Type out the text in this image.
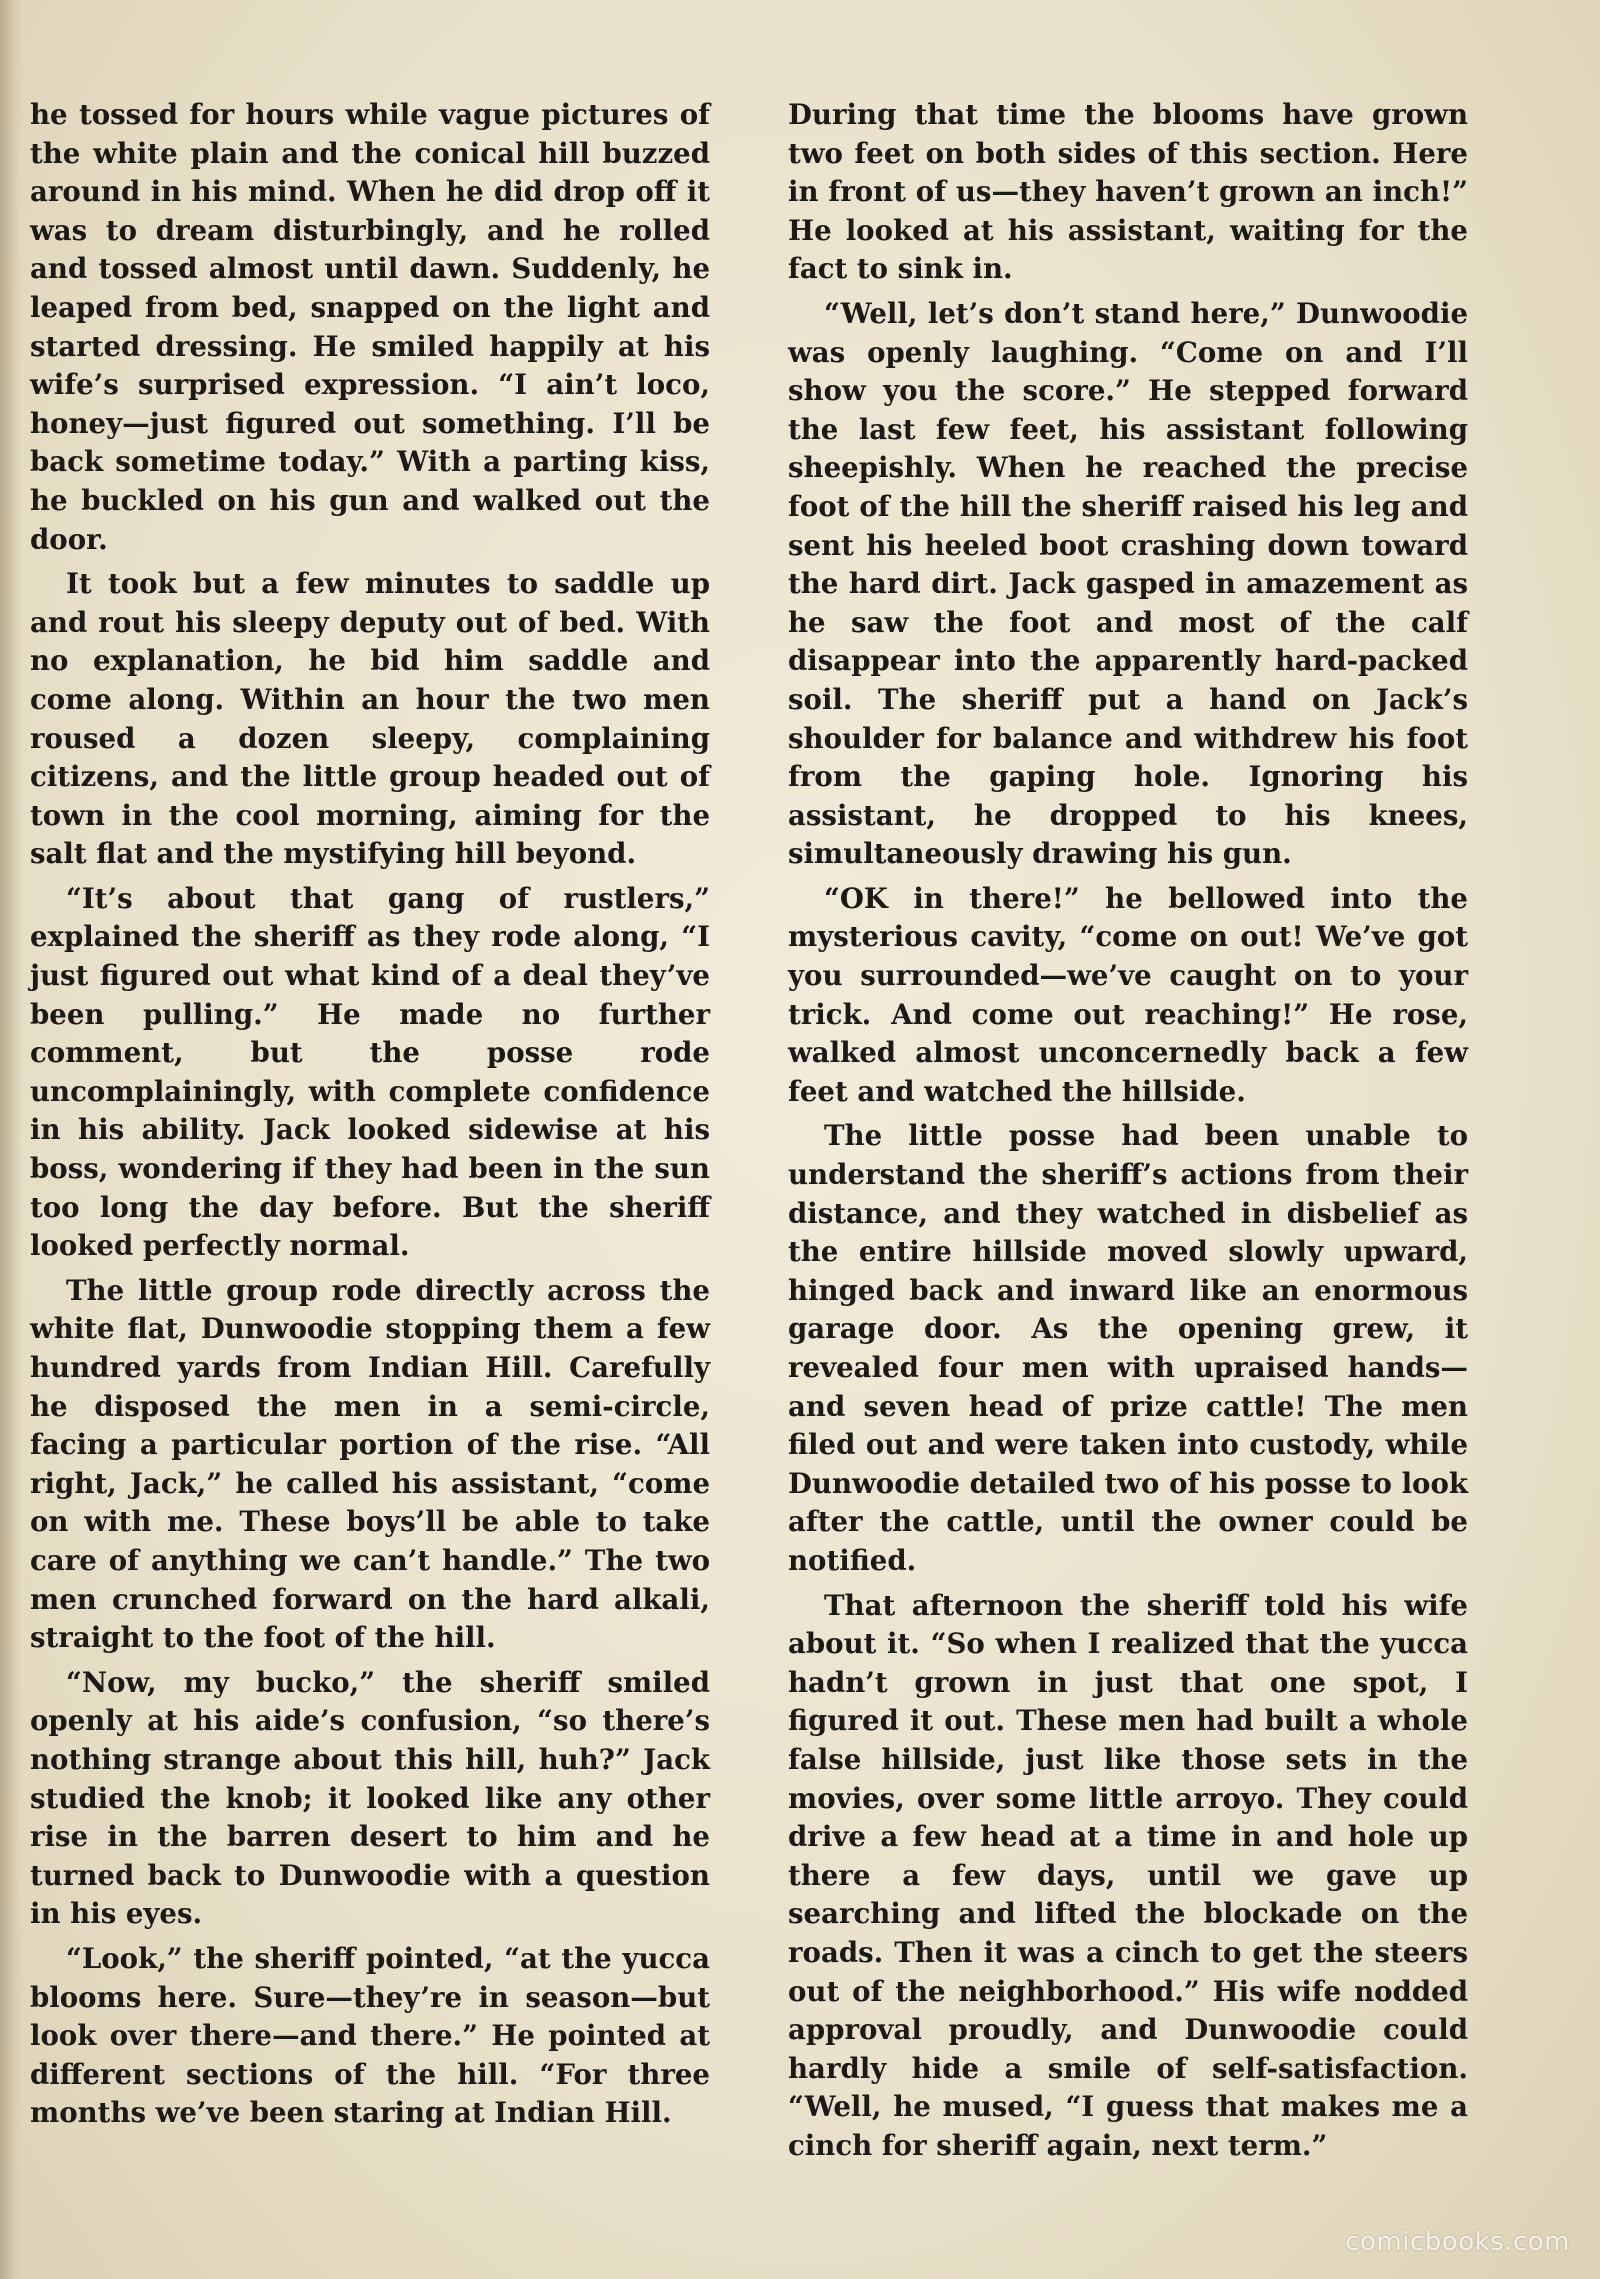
he tossed for hours while vague pictures of the white plain and the conical hill buzzed around in his mind. When he did drop off it was to dream disturbingly, and he rolled and tossed almost until dawn. Suddenly, he leaped from bed, snapped on the light and started dressing. He smiled happily at his wife’s surprised expression. “I ain’t loco, honey—just figured out something. I’ll be back sometime today.” With a parting kiss, he buckled on his gun and walked out the door.

It took but a few minutes to saddle up and rout his sleepy deputy out of bed. With no explanation, he bid him saddle and come along. Within an hour the two men roused a dozen sleepy, complaining citizens, and the little group headed out of town in the cool morning, aiming for the salt flat and the mystifying hill beyond.

“It’s about that gang of rustlers,” explained the sheriff as they rode along, “I just figured out what kind of a deal they’ve been pulling.” He made no further comment, but the posse rode uncomplainingly, with complete confidence in his ability. Jack looked sidewise at his boss, wondering if they had been in the sun too long the day before. But the sheriff looked perfectly normal.

The little group rode directly across the white flat, Dunwoodie stopping them a few hundred yards from Indian Hill. Carefully he disposed the men in a semi-circle, facing a particular portion of the rise. “All right, Jack,” he called his assistant, “come on with me. These boys’ll be able to take care of anything we can’t handle.” The two men crunched forward on the hard alkali, straight to the foot of the hill.

“Now, my bucko,” the sheriff smiled openly at his aide’s confusion, “so there’s nothing strange about this hill, huh?” Jack studied the knob; it looked like any other rise in the barren desert to him and he turned back to Dunwoodie with a question in his eyes.

“Look,” the sheriff pointed, “at the yucca blooms here. Sure—they’re in season—but look over there—and there.” He pointed at different sections of the hill. “For three months we’ve been staring at Indian Hill.

During that time the blooms have grown two feet on both sides of this section. Here in front of us—they haven’t grown an inch!” He looked at his assistant, waiting for the fact to sink in.

“Well, let’s don’t stand here,” Dunwoodie was openly laughing. “Come on and I’ll show you the score.” He stepped forward the last few feet, his assistant following sheepishly. When he reached the precise foot of the hill the sheriff raised his leg and sent his heeled boot crashing down toward the hard dirt. Jack gasped in amazement as he saw the foot and most of the calf disappear into the apparently hard-packed soil. The sheriff put a hand on Jack’s shoulder for balance and withdrew his foot from the gaping hole. Ignoring his assistant, he dropped to his knees, simultaneously drawing his gun.

“OK in there!” he bellowed into the mysterious cavity, “come on out! We’ve got you surrounded—we’ve caught on to your trick. And come out reaching!” He rose, walked almost unconcernedly back a few feet and watched the hillside.

The little posse had been unable to understand the sheriff’s actions from their distance, and they watched in disbelief as the entire hillside moved slowly upward, hinged back and inward like an enormous garage door. As the opening grew, it revealed four men with upraised hands—and seven head of prize cattle! The men filed out and were taken into custody, while Dunwoodie detailed two of his posse to look after the cattle, until the owner could be notified.

That afternoon the sheriff told his wife about it. “So when I realized that the yucca hadn’t grown in just that one spot, I figured it out. These men had built a whole false hillside, just like those sets in the movies, over some little arroyo. They could drive a few head at a time in and hole up there a few days, until we gave up searching and lifted the blockade on the roads. Then it was a cinch to get the steers out of the neighborhood.” His wife nodded approval proudly, and Dunwoodie could hardly hide a smile of self-satisfaction. “Well, he mused, “I guess that makes me a cinch for sheriff again, next term.”

comicbooks.com
